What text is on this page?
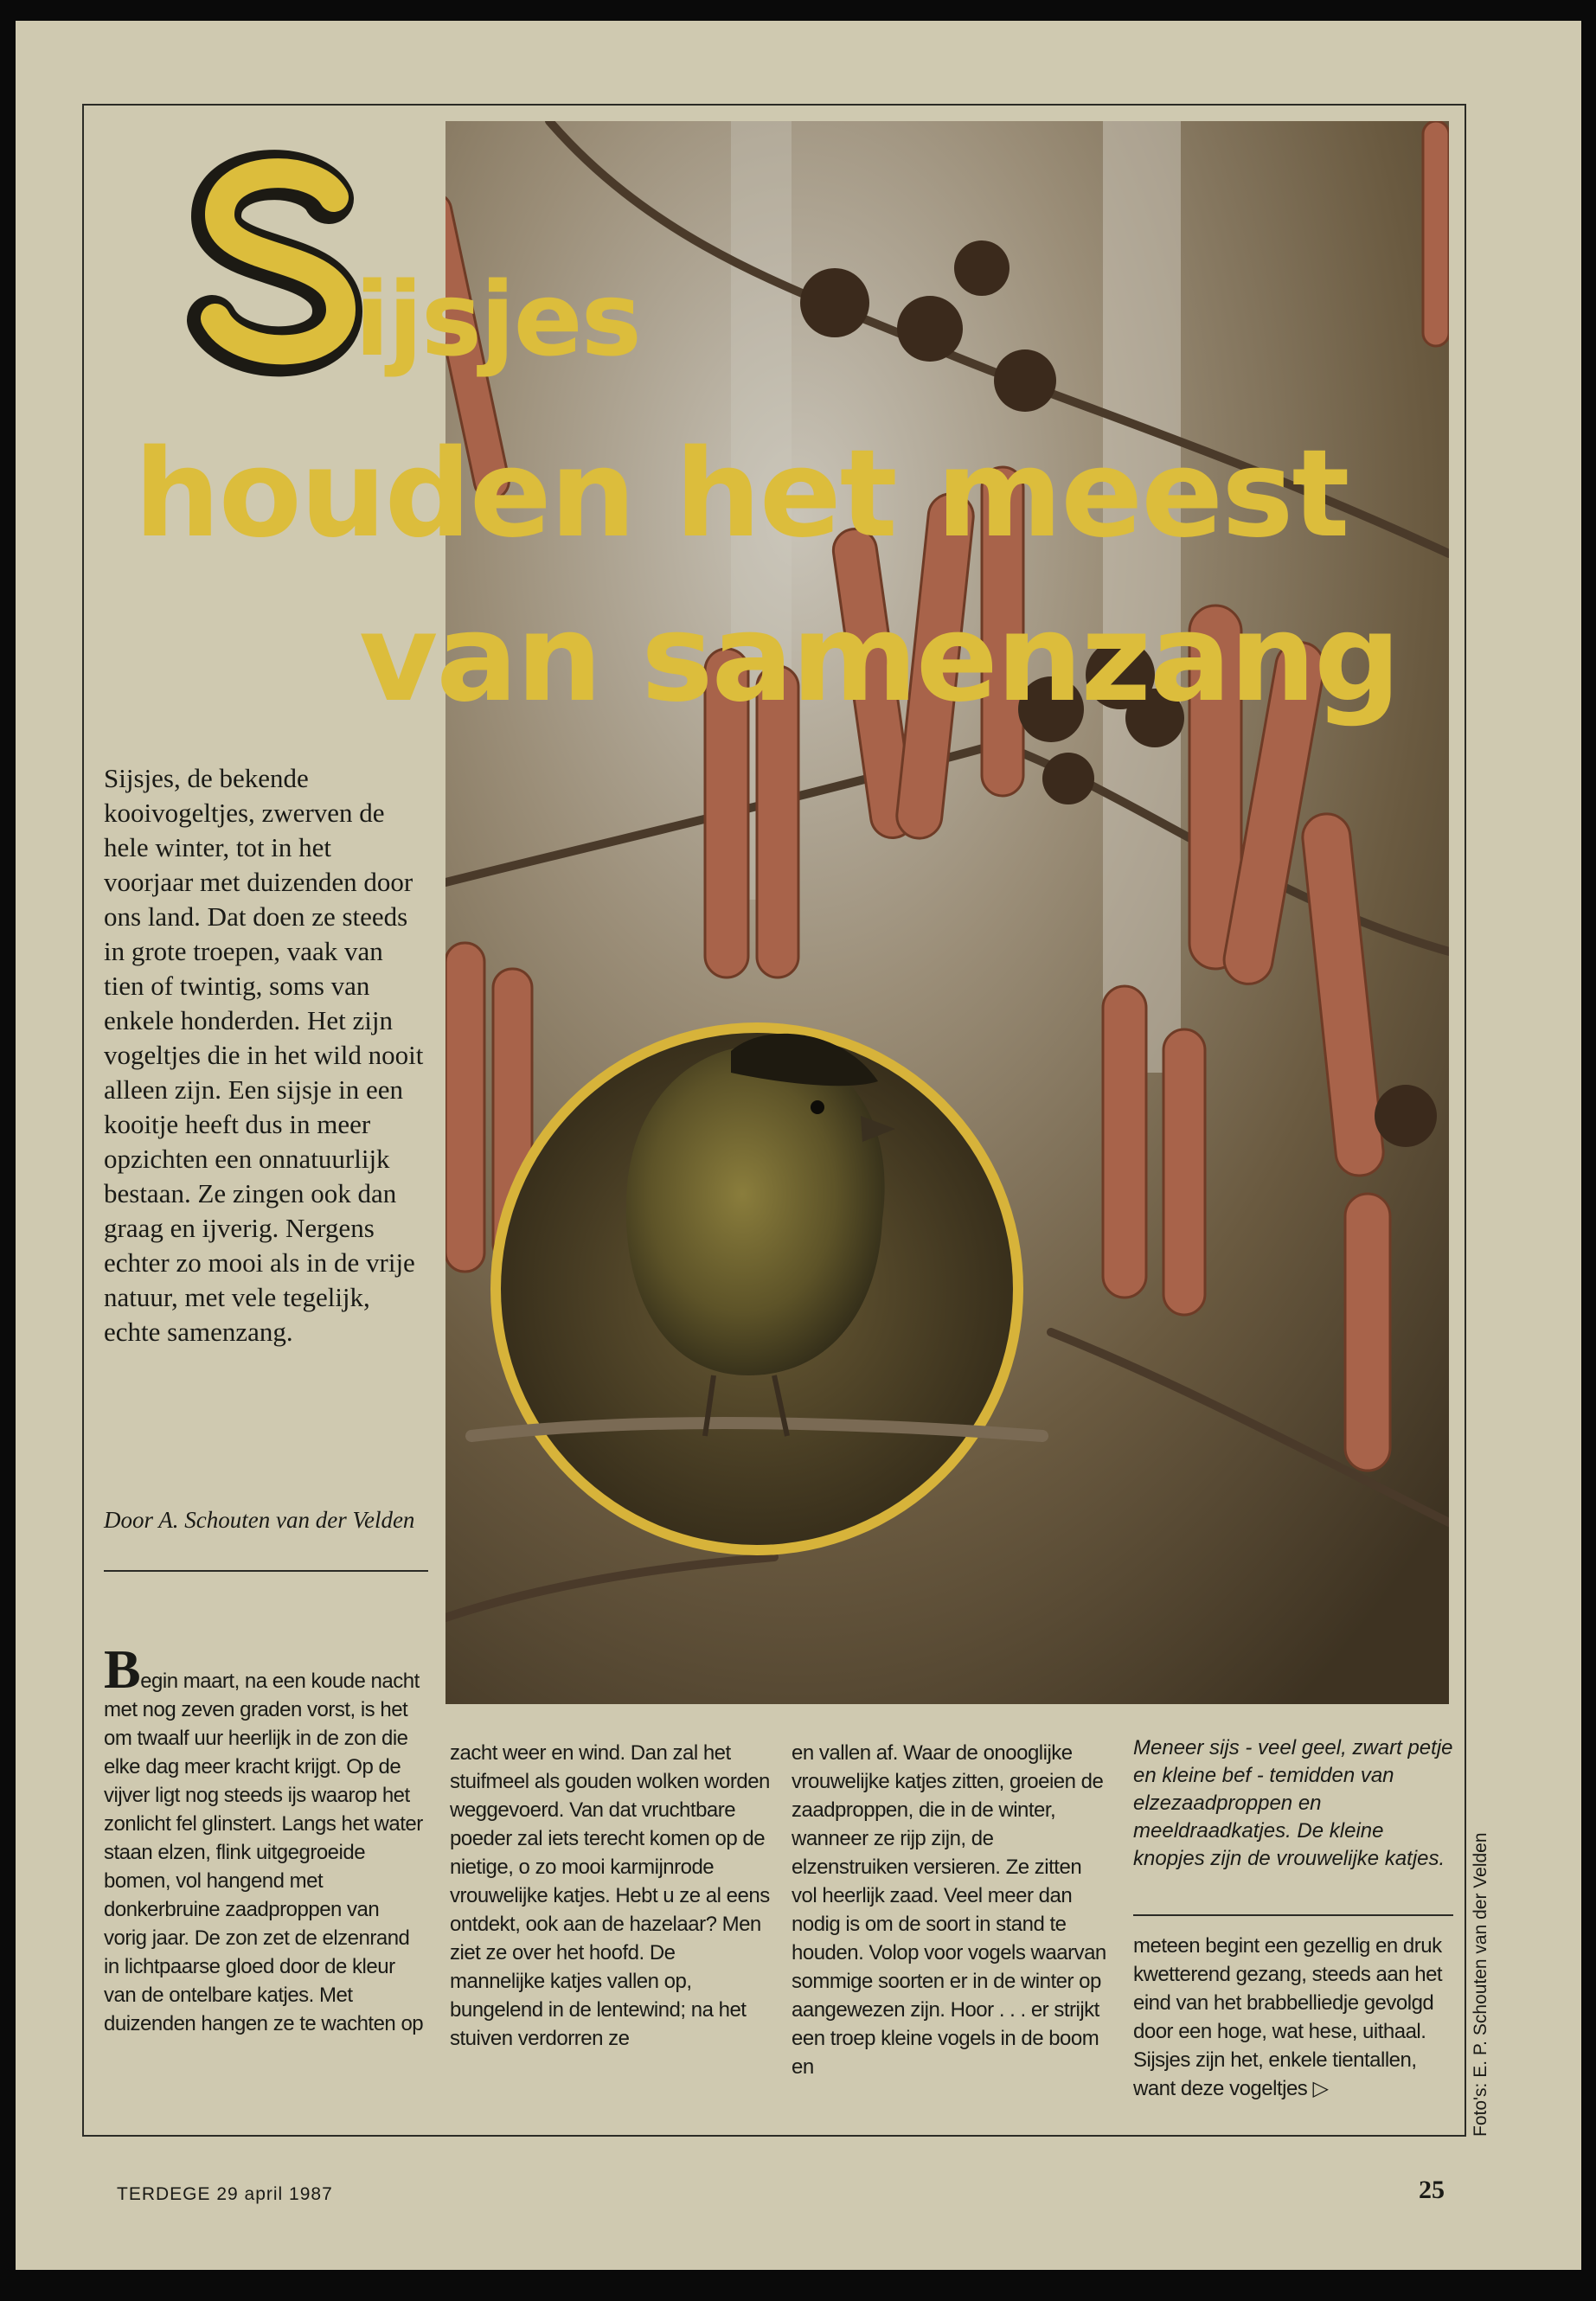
ijsjes
houden het meest
van samenzang
Sijsjes, de bekende kooivogeltjes, zwerven de hele winter, tot in het voorjaar met duizenden door ons land. Dat doen ze steeds in grote troepen, vaak van tien of twintig, soms van enkele honderden. Het zijn vogeltjes die in het wild nooit alleen zijn. Een sijsje in een kooitje heeft dus in meer opzichten een onnatuurlijk bestaan. Ze zingen ook dan graag en ijverig. Nergens echter zo mooi als in de vrije natuur, met vele tegelijk, echte samenzang.
Door A. Schouten van der Velden
Begin maart, na een koude nacht met nog zeven graden vorst, is het om twaalf uur heerlijk in de zon die elke dag meer kracht krijgt. Op de vijver ligt nog steeds ijs waarop het zonlicht fel glinstert. Langs het water staan elzen, flink uitgegroeide bomen, vol hangend met donkerbruine zaadproppen van vorig jaar. De zon zet de elzenrand in lichtpaarse gloed door de kleur van de ontelbare katjes. Met duizenden hangen ze te wachten op
zacht weer en wind. Dan zal het stuifmeel als gouden wolken worden weggevoerd. Van dat vruchtbare poeder zal iets terecht komen op de nietige, o zo mooi karmijnrode vrouwelijke katjes. Hebt u ze al eens ontdekt, ook aan de hazelaar? Men ziet ze over het hoofd. De mannelijke katjes vallen op, bungelend in de lentewind; na het stuiven verdorren ze
en vallen af. Waar de onooglijke vrouwelijke katjes zitten, groeien de zaadproppen, die in de winter, wanneer ze rijp zijn, de elzenstruiken versieren. Ze zitten vol heerlijk zaad. Veel meer dan nodig is om de soort in stand te houden. Volop voor vogels waarvan sommige soorten er in de winter op aangewezen zijn. Hoor . . . er strijkt een troep kleine vogels in de boom en
Meneer sijs - veel geel, zwart petje en kleine bef - temidden van elzezaadproppen en meeldraadkatjes. De kleine knopjes zijn de vrouwelijke katjes.
meteen begint een gezellig en druk kwetterend gezang, steeds aan het eind van het brabbelliedje gevolgd door een hoge, wat hese, uithaal. Sijsjes zijn het, enkele tientallen, want deze vogeltjes ▷	Foto's: E. P. Schouten van der Velden
TERDEGE 29 april 1987	25
